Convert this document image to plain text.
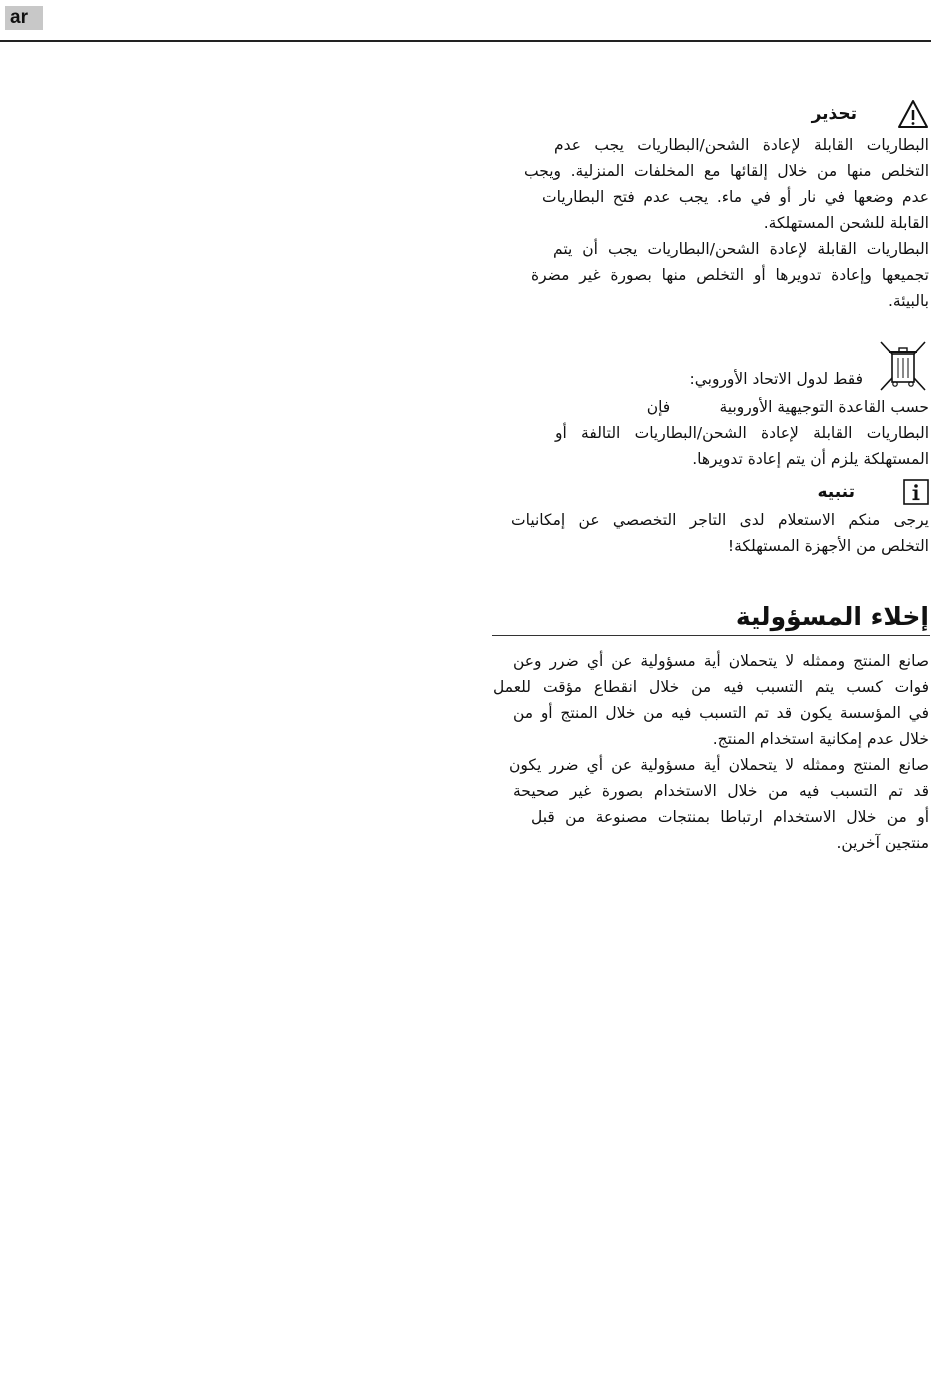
ar
تحذير
البطاريات القابلة لإعادة الشحن/البطاريات يجب عدم
التخلص منها من خلال إلقائها مع المخلفات المنزلية. ويجب
عدم وضعها في نار أو في ماء. يجب عدم فتح البطاريات
القابلة للشحن المستهلكة.
البطاريات القابلة لإعادة الشحن/البطاريات يجب أن يتم
تجميعها وإعادة تدويرها أو التخلص منها بصورة غير مضرة
بالبيئة.
فقط لدول الاتحاد الأوروبي:
حسب القاعدة التوجيهية الأوروبية          فإن
البطاريات القابلة لإعادة الشحن/البطاريات التالفة أو
المستهلكة يلزم أن يتم إعادة تدويرها.
تنبيه
يرجى منكم الاستعلام لدى التاجر التخصصي عن إمكانيات
التخلص من الأجهزة المستهلكة!
إخلاء المسؤولية
صانع المنتج وممثله لا يتحملان أية مسؤولية عن أي ضرر وعن
فوات كسب يتم التسبب فيه من خلال انقطاع مؤقت للعمل
في المؤسسة يكون قد تم التسبب فيه من خلال المنتج أو من
خلال عدم إمكانية استخدام المنتج.
صانع المنتج وممثله لا يتحملان أية مسؤولية عن أي ضرر يكون
قد تم التسبب فيه من خلال الاستخدام بصورة غير صحيحة
أو من خلال الاستخدام ارتباطا بمنتجات مصنوعة من قبل
منتجين آخرين.
